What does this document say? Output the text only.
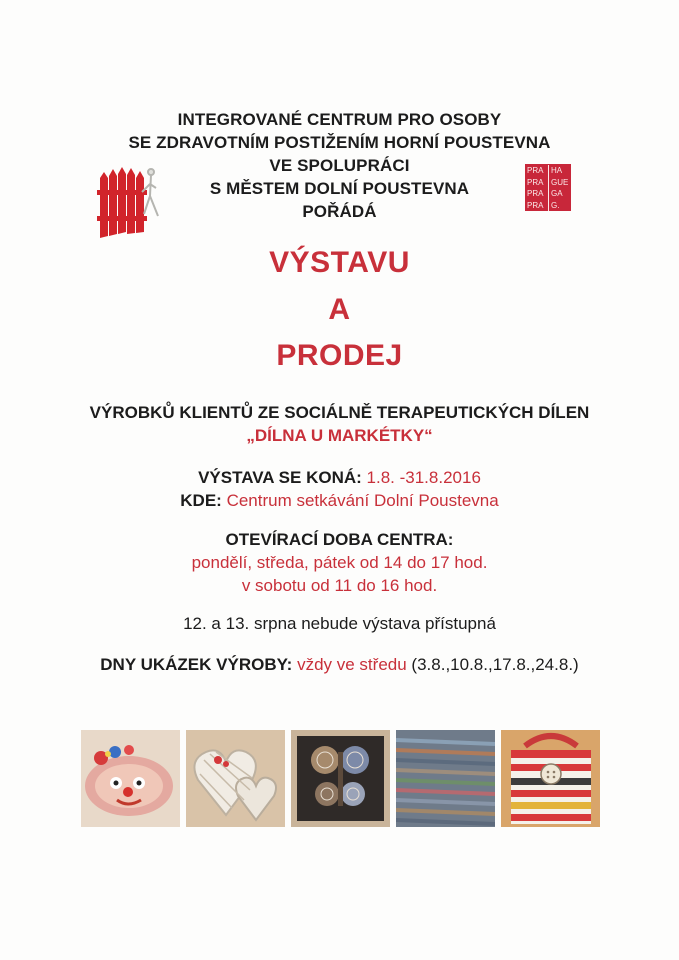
INTEGROVANÉ CENTRUM PRO OSOBY
SE ZDRAVOTNÍM POSTIŽENÍM HORNÍ POUSTEVNA
VE SPOLUPRÁCI
S MĚSTEM DOLNÍ POUSTEVNA
POŘÁDÁ
PRA HA
PRA GUE
PRA GA
PRA G.
VÝSTAVU
A
PRODEJ
VÝROBKŮ KLIENTŮ ZE SOCIÁLNĚ TERAPEUTICKÝCH DÍLEN
„DÍLNA U MARKÉTKY“
VÝSTAVA SE KONÁ: 1.8. -31.8.2016
KDE: Centrum setkávání Dolní Poustevna
OTEVÍRACÍ DOBA CENTRA:
pondělí, středa, pátek od 14 do 17 hod.
v sobotu od 11 do 16 hod.
12. a 13. srpna nebude výstava přístupná
DNY UKÁZEK VÝROBY: vždy ve středu (3.8.,10.8.,17.8.,24.8.)
